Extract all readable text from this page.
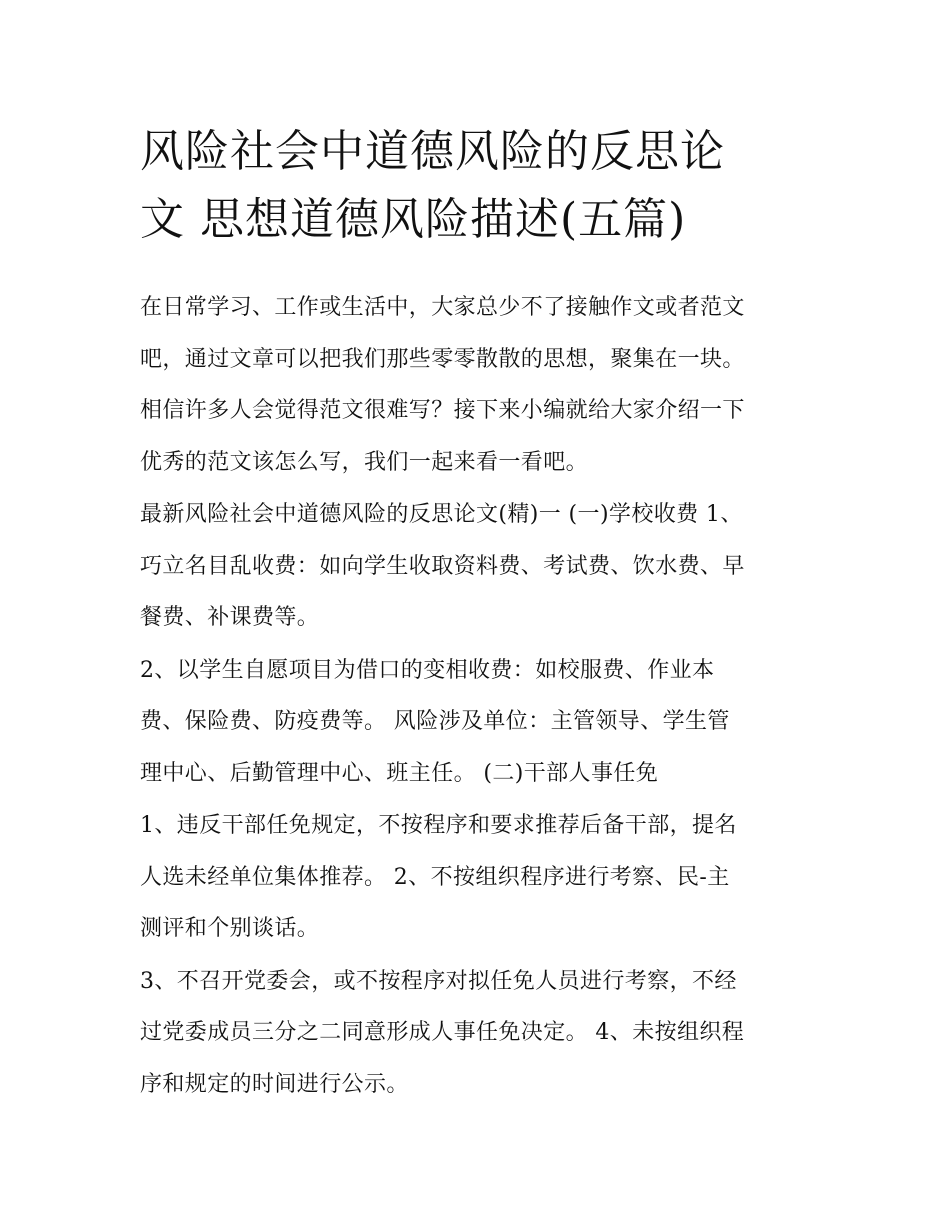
风险社会中道德风险的反思论
文 思想道德风险描述(五篇)

在日常学习、工作或生活中，大家总少不了接触作文或者范文
吧，通过文章可以把我们那些零零散散的思想，聚集在一块。
相信许多人会觉得范文很难写？接下来小编就给大家介绍一下
优秀的范文该怎么写，我们一起来看一看吧。

最新风险社会中道德风险的反思论文(精)一 (一)学校收费 1、
巧立名目乱收费：如向学生收取资料费、考试费、饮水费、早
餐费、补课费等。

2、以学生自愿项目为借口的变相收费：如校服费、作业本
费、保险费、防疫费等。 风险涉及单位：主管领导、学生管
理中心、后勤管理中心、班主任。 (二)干部人事任免

1、违反干部任免规定，不按程序和要求推荐后备干部，提名
人选未经单位集体推荐。 2、不按组织程序进行考察、民-主
测评和个别谈话。

3、不召开党委会，或不按程序对拟任免人员进行考察，不经
过党委成员三分之二同意形成人事任免决定。 4、未按组织程
序和规定的时间进行公示。
